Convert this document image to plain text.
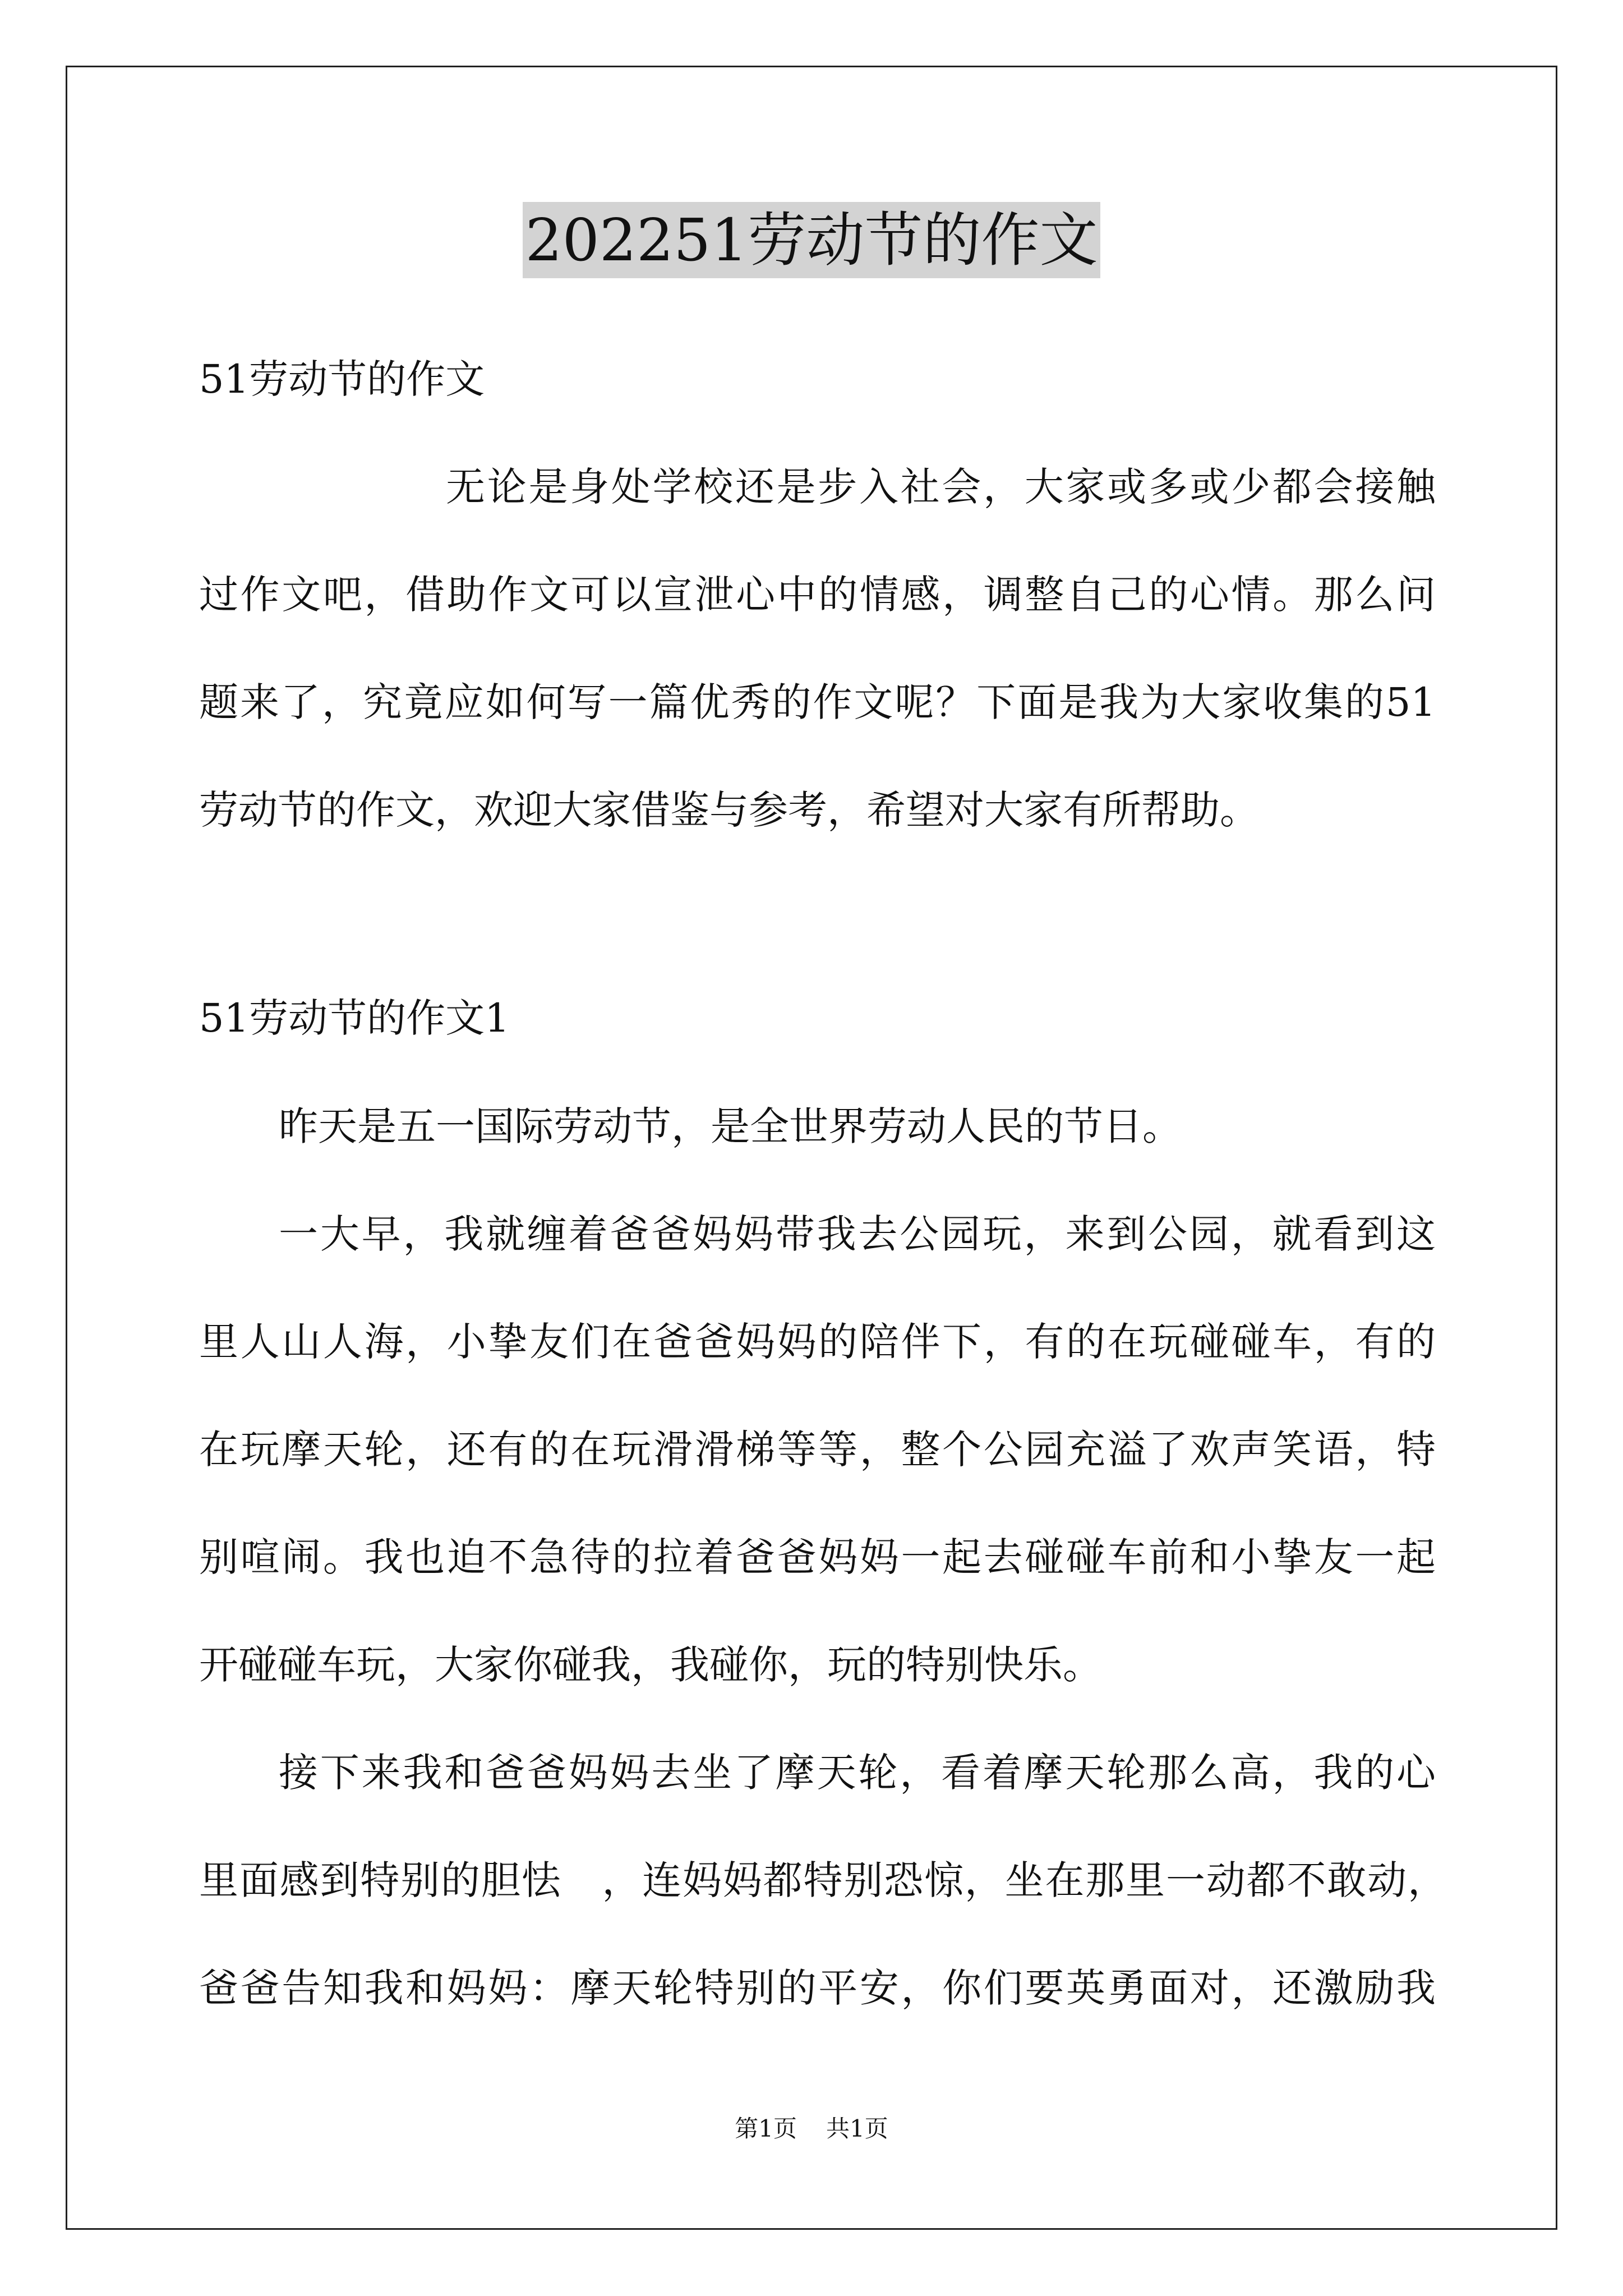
202251劳动节的作文
51劳动节的作文
无论是身处学校还是步入社会，大家或多或少都会接触
过作文吧，借助作文可以宣泄心中的情感，调整自己的心情。那么问
题来了，究竟应如何写一篇优秀的作文呢？下面是我为大家收集的51
劳动节的作文，欢迎大家借鉴与参考，希望对大家有所帮助。
51劳动节的作文1
昨天是五一国际劳动节，是全世界劳动人民的节日。
一大早，我就缠着爸爸妈妈带我去公园玩，来到公园，就看到这
里人山人海，小挚友们在爸爸妈妈的陪伴下，有的在玩碰碰车，有的
在玩摩天轮，还有的在玩滑滑梯等等，整个公园充溢了欢声笑语，特
别喧闹。我也迫不急待的拉着爸爸妈妈一起去碰碰车前和小挚友一起
开碰碰车玩，大家你碰我，我碰你，玩的特别快乐。
接下来我和爸爸妈妈去坐了摩天轮，看着摩天轮那么高，我的心
里面感到特别的胆怯　，连妈妈都特别恐惊，坐在那里一动都不敢动，
爸爸告知我和妈妈：摩天轮特别的平安，你们要英勇面对，还激励我
第1页 共1页
